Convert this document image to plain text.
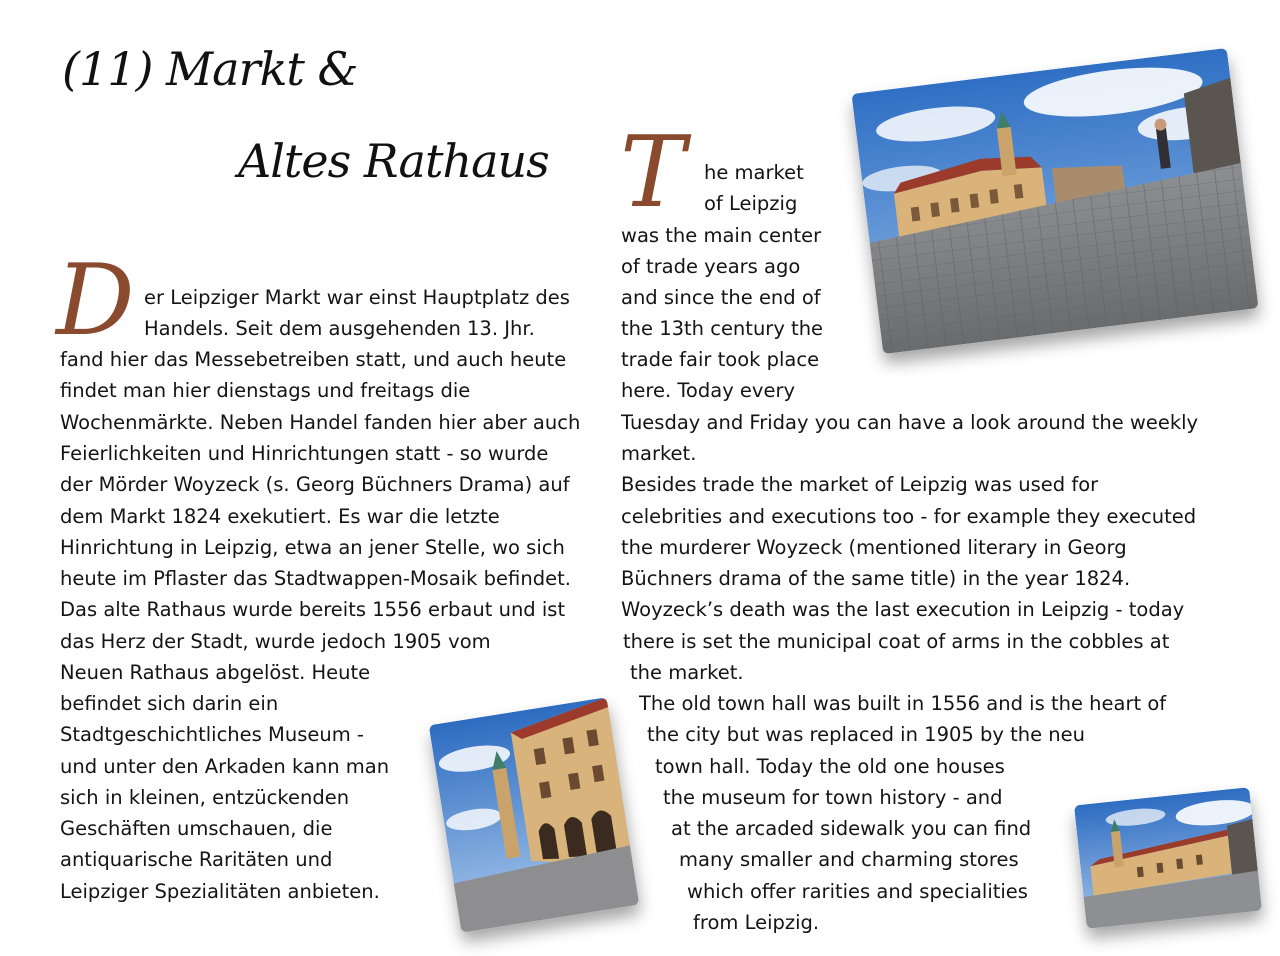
(11) Markt &
Altes Rathaus
D er Leipziger Markt war einst Hauptplatz des

Handels. Seit dem ausgehenden 13. Jhr.

fand hier das Messebetreiben statt, und auch heute

findet man hier dienstags und freitags die

Wochenmärkte. Neben Handel fanden hier aber auch

Feierlichkeiten und Hinrichtungen statt - so wurde

der Mörder Woyzeck (s. Georg Büchners Drama) auf

dem Markt 1824 exekutiert. Es war die letzte

Hinrichtung in Leipzig, etwa an jener Stelle, wo sich

heute im Pflaster das Stadtwappen-Mosaik befindet.

Das alte Rathaus wurde bereits 1556 erbaut und ist

das Herz der Stadt, wurde jedoch 1905 vom

Neuen Rathaus abgelöst. Heute

befindet sich darin ein

Stadtgeschichtliches Museum -

und unter den Arkaden kann man

sich in kleinen, entzückenden

Geschäften umschauen, die

antiquarische Raritäten und

Leipziger Spezialitäten anbieten.

T he market

of Leipzig

was the main center

of trade years ago

and since the end of

the 13th century the

trade fair took place

here. Today every

Tuesday and Friday you can have a look around the weekly

market.

Besides trade the market of Leipzig was used for

celebrities and executions too - for example they executed

the murderer Woyzeck (mentioned literary in Georg

Büchners drama of the same title) in the year 1824.

Woyzeck’s death was the last execution in Leipzig - today

there is set the municipal coat of arms in the cobbles at

the market.

The old town hall was built in 1556 and is the heart of

the city but was replaced in 1905 by the neu

town hall. Today the old one houses

the museum for town history - and

at the arcaded sidewalk you can find

many smaller and charming stores

which offer rarities and specialities

from Leipzig.
